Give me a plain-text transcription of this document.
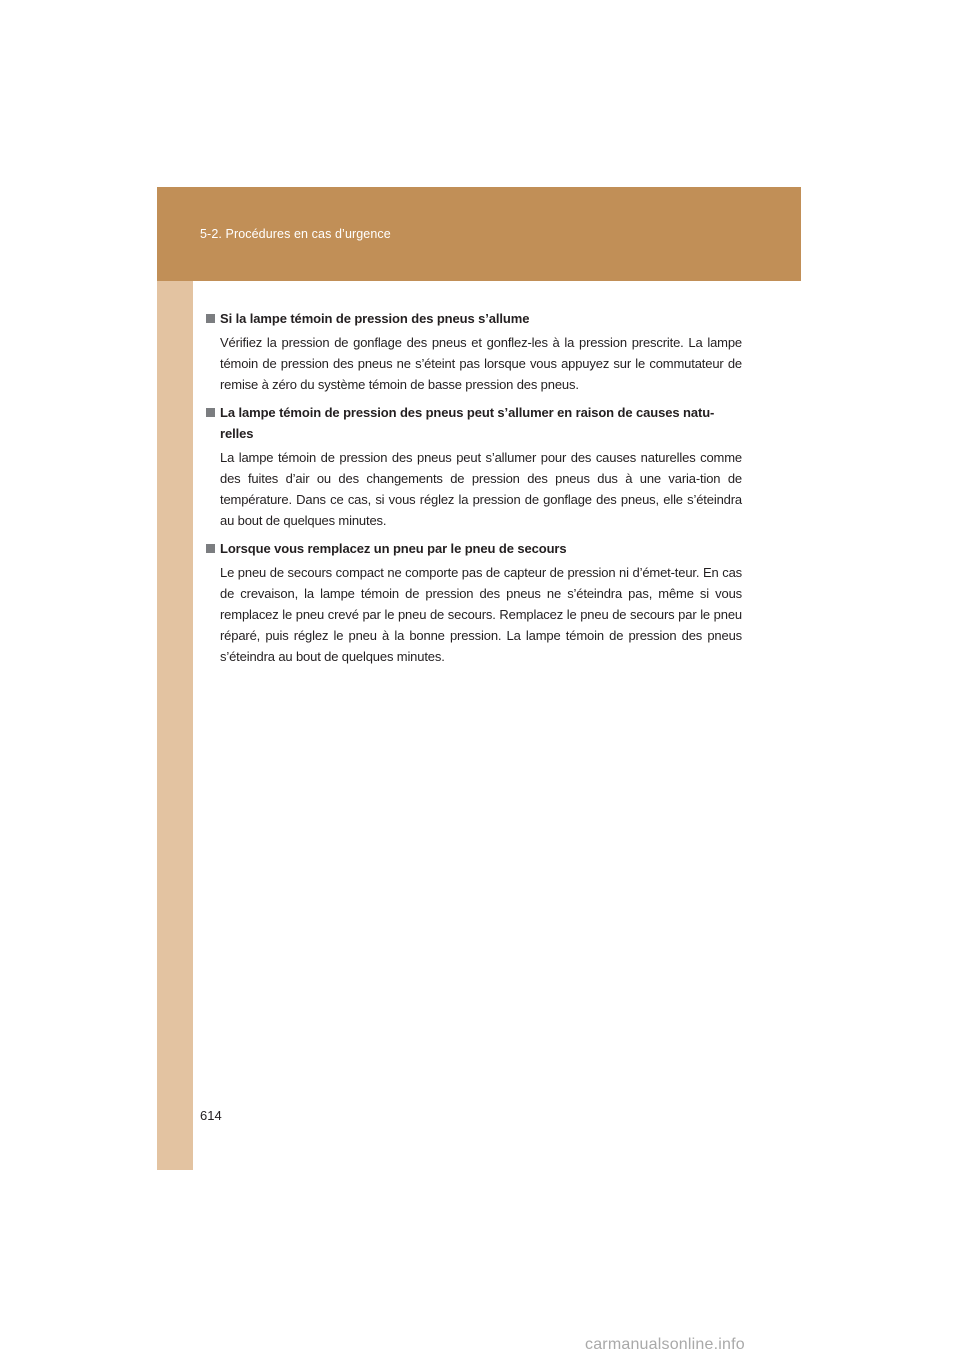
5-2. Procédures en cas d’urgence
Si la lampe témoin de pression des pneus s’allume
Vérifiez la pression de gonflage des pneus et gonflez-les à la pression prescrite. La lampe témoin de pression des pneus ne s’éteint pas lorsque vous appuyez sur le commutateur de remise à zéro du système témoin de basse pression des pneus.
La lampe témoin de pression des pneus peut s’allumer en raison de causes natu-relles
La lampe témoin de pression des pneus peut s’allumer pour des causes naturelles comme des fuites d’air ou des changements de pression des pneus dus à une varia-tion de température. Dans ce cas, si vous réglez la pression de gonflage des pneus, elle s’éteindra au bout de quelques minutes.
Lorsque vous remplacez un pneu par le pneu de secours
Le pneu de secours compact ne comporte pas de capteur de pression ni d’émet-teur. En cas de crevaison, la lampe témoin de pression des pneus ne s’éteindra pas, même si vous remplacez le pneu crevé par le pneu de secours. Remplacez le pneu de secours par le pneu réparé, puis réglez le pneu à la bonne pression. La lampe témoin de pression des pneus s’éteindra au bout de quelques minutes.
614
carmanualsonline.info
